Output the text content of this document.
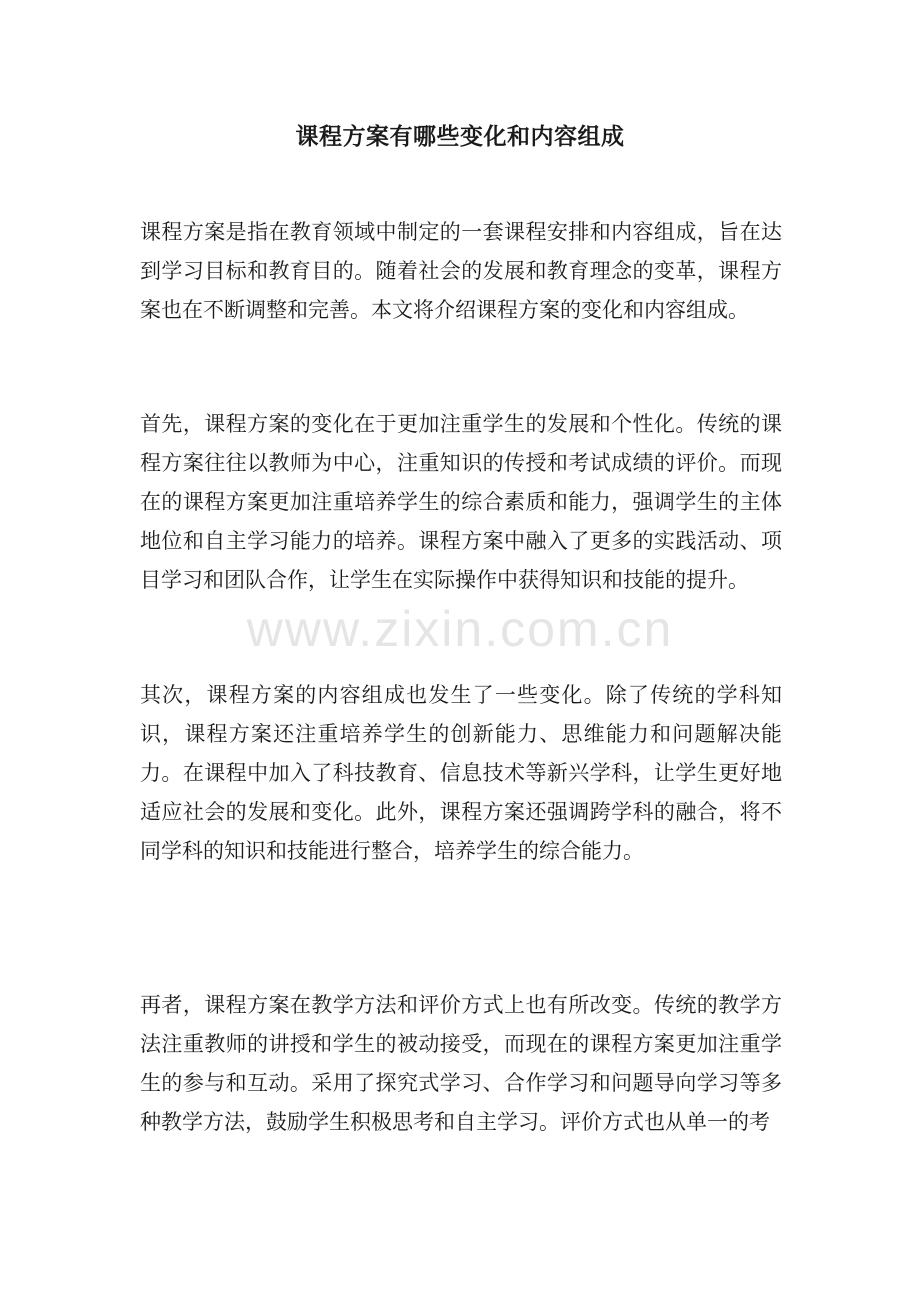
课程方案有哪些变化和内容组成
课程方案是指在教育领域中制定的一套课程安排和内容组成，旨在达到学习目标和教育目的。随着社会的发展和教育理念的变革，课程方案也在不断调整和完善。本文将介绍课程方案的变化和内容组成。
首先，课程方案的变化在于更加注重学生的发展和个性化。传统的课程方案往往以教师为中心，注重知识的传授和考试成绩的评价。而现在的课程方案更加注重培养学生的综合素质和能力，强调学生的主体地位和自主学习能力的培养。课程方案中融入了更多的实践活动、项目学习和团队合作，让学生在实际操作中获得知识和技能的提升。
其次，课程方案的内容组成也发生了一些变化。除了传统的学科知识，课程方案还注重培养学生的创新能力、思维能力和问题解决能力。在课程中加入了科技教育、信息技术等新兴学科，让学生更好地适应社会的发展和变化。此外，课程方案还强调跨学科的融合，将不同学科的知识和技能进行整合，培养学生的综合能力。
再者，课程方案在教学方法和评价方式上也有所改变。传统的教学方法注重教师的讲授和学生的被动接受，而现在的课程方案更加注重学生的参与和互动。采用了探究式学习、合作学习和问题导向学习等多种教学方法，鼓励学生积极思考和自主学习。评价方式也从单一的考
www.zixin.com.cn
